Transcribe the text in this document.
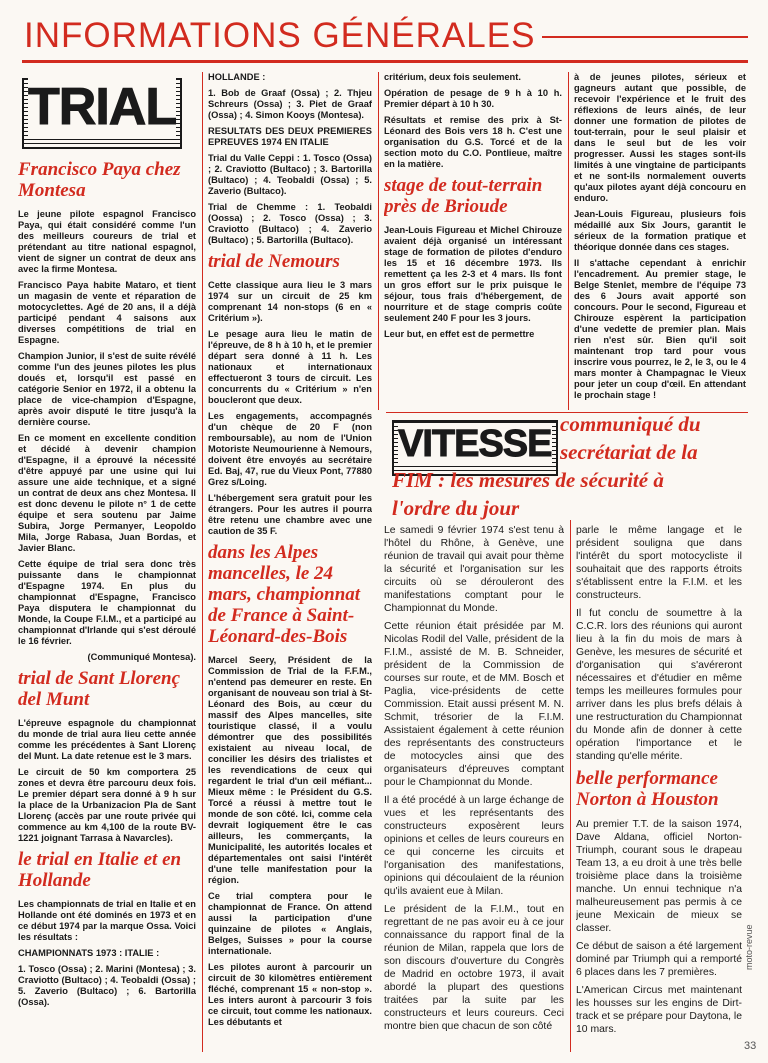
INFORMATIONS GÉNÉRALES
TRIAL
Francisco Paya chez Montesa

Le jeune pilote espagnol Francisco Paya, qui était considéré comme l'un des meilleurs coureurs de trial et prétendant au titre national espagnol, vient de signer un contrat de deux ans avec la firme Montesa.

Francisco Paya habite Mataro, et tient un magasin de vente et réparation de motocyclettes. Agé de 20 ans, il a déjà participé pendant 4 saisons aux diverses compétitions de trial en Espagne.

Champion Junior, il s'est de suite révélé comme l'un des jeunes pilotes les plus doués et, lorsqu'il est passé en catégorie Senior en 1972, il a obtenu la place de vice-champion d'Espagne, après avoir disputé le titre jusqu'à la dernière course.

En ce moment en excellente condition et décidé à devenir champion d'Espagne, il a éprouvé la nécessité d'être appuyé par une usine qui lui assure une aide technique, et a signé un contrat de deux ans chez Montesa. Il est donc devenu le pilote n° 1 de cette équipe et sera soutenu par Jaime Subira, Jorge Permanyer, Leopoldo Mila, Jorge Rabasa, Juan Bordas, et Javier Blanc.

Cette équipe de trial sera donc très puissante dans le championnat d'Espagne 1974. En plus du championnat d'Espagne, Francisco Paya disputera le championnat du Monde, la Coupe F.I.M., et a participé au championnat d'Irlande qui s'est déroulé le 16 février.

(Communiqué Montesa).

trial de Sant Llorenç del Munt

L'épreuve espagnole du championnat du monde de trial aura lieu cette année comme les précédentes à Sant Llorenç del Munt. La date retenue est le 3 mars.

Le circuit de 50 km comportera 25 zones et devra être parcouru deux fois. Le premier départ sera donné à 9 h sur la place de la Urbanizacion Pla de Sant Llorenç (accès par une route privée qui commence au km 4,100 de la route BV-1221 joignant Tarrasa à Navarcles).

le trial en Italie et en Hollande

Les championnats de trial en Italie et en Hollande ont été dominés en 1973 et en ce début 1974 par la marque Ossa. Voici les résultats :

CHAMPIONNATS 1973 : ITALIE :

1. Tosco (Ossa) ; 2. Marini (Montesa) ; 3. Craviotto (Bultaco) ; 4. Teobaldi (Ossa) ; 5. Zaverio (Bultaco) ; 6. Bartorilla (Ossa).

HOLLANDE :

1. Bob de Graaf (Ossa) ; 2. Thjeu Schreurs (Ossa) ; 3. Piet de Graaf (Ossa) ; 4. Simon Kooys (Montesa).

RESULTATS DES DEUX PREMIERES EPREUVES 1974 EN ITALIE

Trial du Valle Ceppi : 1. Tosco (Ossa) ; 2. Craviotto (Bultaco) ; 3. Bartorilla (Bultaco) ; 4. Teobaldi (Ossa) ; 5. Zaverio (Bultaco).

Trial de Chemme : 1. Teobaldi (Oossa) ; 2. Tosco (Ossa) ; 3. Craviotto (Bultaco) ; 4. Zaverio (Bultaco) ; 5. Bartorilla (Bultaco).

trial de Nemours

Cette classique aura lieu le 3 mars 1974 sur un circuit de 25 km comprenant 14 non-stops (6 en « Critérium »).

Le pesage aura lieu le matin de l'épreuve, de 8 h à 10 h, et le premier départ sera donné à 11 h. Les nationaux et internationaux effectueront 3 tours de circuit. Les concurrents du « Critérium » n'en boucleront que deux.

Les engagements, accompagnés d'un chèque de 20 F (non remboursable), au nom de l'Union Motoriste Neumourienne à Nemours, doivent être envoyés au secrétaire Ed. Baj, 47, rue du Vieux Pont, 77880 Grez s/Loing.

L'hébergement sera gratuit pour les étrangers. Pour les autres il pourra être retenu une chambre avec une caution de 35 F.

dans les Alpes mancelles, le 24 mars, championnat de France à Saint-Léonard-des-Bois

Marcel Seery, Président de la Commission de Trial de la F.F.M., n'entend pas demeurer en reste. En organisant de nouveau son trial à St-Léonard des Bois, au cœur du massif des Alpes mancelles, site touristique classé, il a voulu démontrer que des possibilités existaient au niveau local, de concilier les désirs des trialistes et les revendications de ceux qui regardent le trial d'un œil méfiant... Mieux même : le Président du G.S. Torcé a réussi à mettre tout le monde de son côté. Ici, comme cela devrait logiquement être le cas ailleurs, les commerçants, la Municipalité, les autorités locales et départementales ont saisi l'intérêt d'une telle manifestation pour la région.

Ce trial comptera pour le championnat de France. On attend aussi la participation d'une quinzaine de pilotes « Anglais, Belges, Suisses » pour la course internationale.

Les pilotes auront à parcourir un circuit de 30 kilomètres entièrement fléché, comprenant 15 « non-stop ». Les inters auront à parcourir 3 fois ce circuit, tout comme les nationaux. Les débutants et

critérium, deux fois seulement.

Opération de pesage de 9 h à 10 h. Premier départ à 10 h 30.

Résultats et remise des prix à St-Léonard des Bois vers 18 h. C'est une organisation du G.S. Torcé et de la section moto du C.O. Pontlieue, maître en la matière.

stage de tout-terrain près de Brioude

Jean-Louis Figureau et Michel Chirouze avaient déjà organisé un intéressant stage de formation de pilotes d'enduro les 15 et 16 décembre 1973. Ils remettent ça les 2-3 et 4 mars. Ils font un gros effort sur le prix puisque le séjour, tous frais d'hébergement, de nourriture et de stage compris coûte seulement 240 F pour les 3 jours.

Leur but, en effet est de permettre

à de jeunes pilotes, sérieux et gagneurs autant que possible, de recevoir l'expérience et le fruit des réflexions de leurs aînés, de leur donner une formation de pilotes de tout-terrain, pour le seul plaisir et dans le seul but de les voir progresser. Aussi les stages sont-ils limités à une vingtaine de participants et ne sont-ils normalement ouverts qu'aux pilotes ayant déjà concouru en enduro.

Jean-Louis Figureau, plusieurs fois médaillé aux Six Jours, garantit le sérieux de la formation pratique et théorique donnée dans ces stages.

Il s'attache cependant à enrichir l'encadrement. Au premier stage, le Belge Stenlet, membre de l'équipe 73 des 6 Jours avait apporté son concours. Pour le second, Figureau et Chirouze espèrent la participation d'une vedette de premier plan. Mais rien n'est sûr. Bien qu'il soit maintenant trop tard pour vous inscrire vous pourrez, le 2, le 3, ou le 4 mars monter à Champagnac le Vieux pour jeter un coup d'œil. En attendant le prochain stage !

VITESSE communiqué du
secrétariat de la
FIM : les mesures de sécurité à
l'ordre du jour

Le samedi 9 février 1974 s'est tenu à l'hôtel du Rhône, à Genève, une réunion de travail qui avait pour thème la sécurité et l'organisation sur les circuits où se dérouleront des manifestations comptant pour le Championnat du Monde.

Cette réunion était présidée par M. Nicolas Rodil del Valle, président de la F.I.M., assisté de M. B. Schneider, président de la Commission de courses sur route, et de MM. Bosch et Paglia, vice-présidents de cette Commission. Etait aussi présent M. N. Schmit, trésorier de la F.I.M. Assistaient également à cette réunion des représentants des constructeurs de motocycles ainsi que des organisateurs d'épreuves comptant pour le Championnat du Monde.

Il a été procédé à un large échange de vues et les représentants des constructeurs exposèrent leurs opinions et celles de leurs coureurs en ce qui concerne les circuits et l'organisation des manifestations, opinions qui découlaient de la réunion qu'ils avaient eue à Milan.

Le président de la F.I.M., tout en regrettant de ne pas avoir eu à ce jour connaissance du rapport final de la réunion de Milan, rappela que lors de son discours d'ouverture du Congrès de Madrid en octobre 1973, il avait abordé la plupart des questions traitées par la suite par les constructeurs et leurs coureurs. Ceci montre bien que chacun de son côté

parle le même langage et le président souligna que dans l'intérêt du sport motocycliste il souhaitait que des rapports étroits s'établissent entre la F.I.M. et les constructeurs.

Il fut conclu de soumettre à la C.C.R. lors des réunions qui auront lieu à la fin du mois de mars à Genève, les mesures de sécurité et d'organisation qui s'avéreront nécessaires et d'étudier en même temps les meilleures formules pour arriver dans les plus brefs délais à une restructuration du Championnat du Monde afin de donner à cette opération l'importance et le standing qu'elle mérite.

belle performance Norton à Houston

Au premier T.T. de la saison 1974, Dave Aldana, officiel Norton-Triumph, courant sous le drapeau Team 13, a eu droit à une très belle troisième place dans la troisième manche. Un ennui technique n'a malheureusement pas permis à ce jeune Mexicain de mieux se classer.

Ce début de saison a été largement dominé par Triumph qui a remporté 6 places dans les 7 premières.

L'American Circus met maintenant les housses sur les engins de Dirt-track et se prépare pour Daytona, le 10 mars.

moto-revue
33
